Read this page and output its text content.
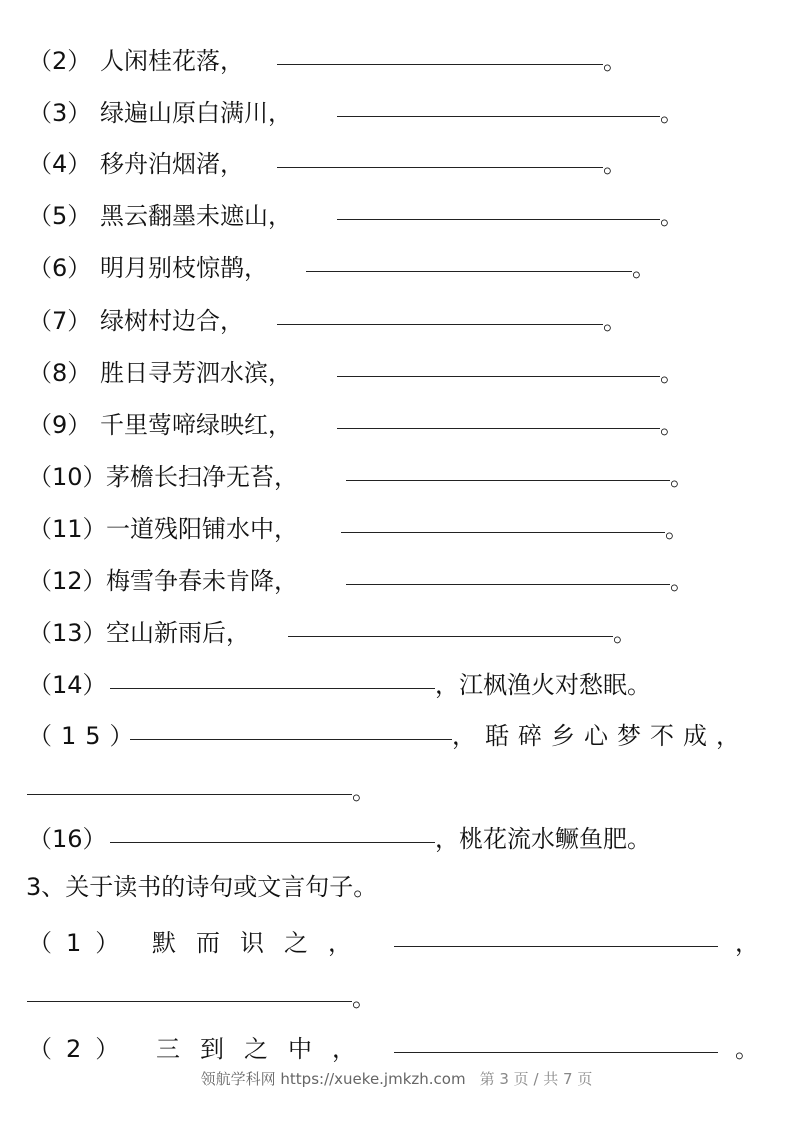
（2） 人闲桂花落，	。
（3） 绿遍山原白满川，	。
（4） 移舟泊烟渚，	。
（5） 黑云翻墨未遮山，	。
（6） 明月别枝惊鹊，	。
（7） 绿树村边合，	。
（8） 胜日寻芳泗水滨，	。
（9） 千里莺啼绿映红，	。
（10） 茅檐长扫净无苔，	。
（11） 一道残阳铺水中，	。
（12） 梅雪争春未肯降，	。
（13） 空山新雨后，	。
（14）	，江枫渔火对愁眠。
（15）	，聒碎乡心梦不成，
。
（16）	，桃花流水鳜鱼肥。
3、关于读书的诗句或文言句子。
（1） 默而识之，	，
。
（2） 三到之中，	。
领航学科网 https://xueke.jmkzh.com 第 3 页 / 共 7 页
